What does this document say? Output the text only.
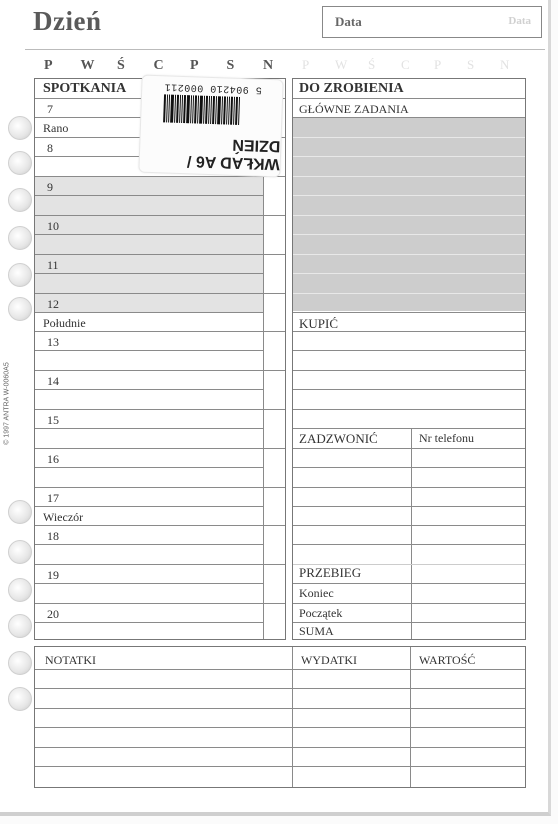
Dzień	Data	Data
P W Ś C P S N	P W Ś C P S N
SPOTKANIA
7
Rano
8
9
10
11
12
Południe
13
14
15
16
17
Wieczór
18
19
20
DO ZROBIENIA
GŁÓWNE ZADANIA
KUPIĆ
ZADZWONIĆ	Nr telefonu
PRZEBIEG
Koniec
Początek
SUMA
NOTATKI	WYDATKI	WARTOŚĆ
© 1997 ANTRA W-0060A5
5 904210 000211
WKŁAD A6 / DZIEŃ
